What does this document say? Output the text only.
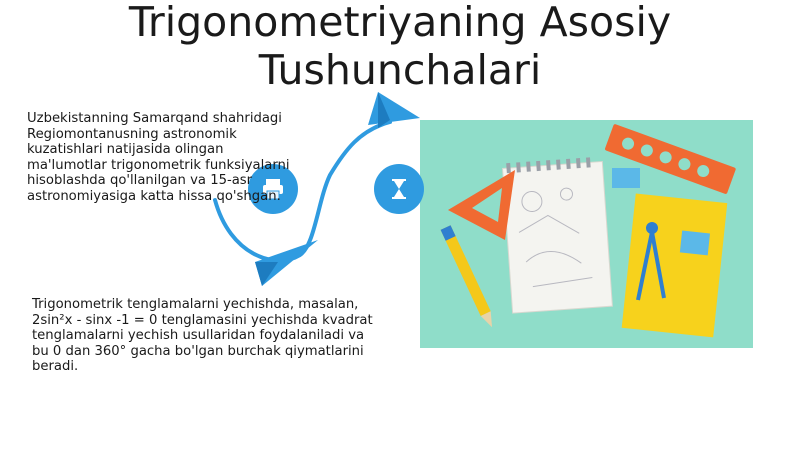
Trigonometriyaning Asosiy
Tushunchalari
Uzbekistanning Samarqand shahridagi
Regiomontanusning astronomik
kuzatishlari natijasida olingan
ma'lumotlar trigonometrik funksiyalarni
hisoblashda qo'llanilgan va 15-asr
astronomiyasiga katta hissa qo'shgan.
Trigonometrik tenglamalarni yechishda, masalan,
2sin²x - sinx -1 = 0 tenglamasini yechishda kvadrat
tenglamalarni yechish usullaridan foydalaniladi va
bu 0 dan 360° gacha bo'lgan burchak qiymatlarini
beradi.
